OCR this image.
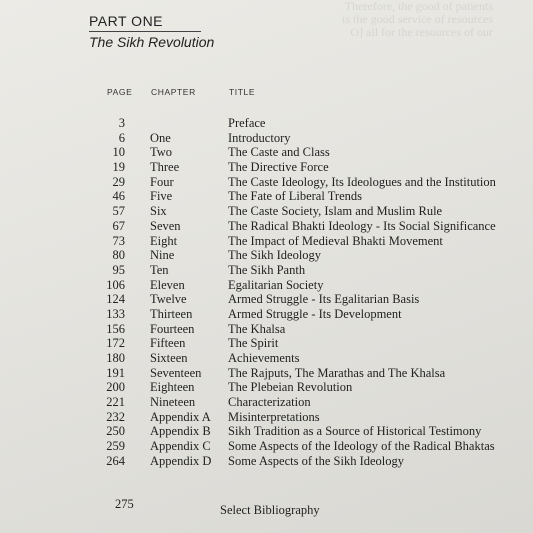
Therefore, the good of patients
is the good service of resources
O] all for the resources of our
PART ONE
The Sikh Revolution
PAGE CHAPTER	TITLE
3	Preface
6 One	Introductory
10 Two	The Caste and Class
19 Three	The Directive Force
29 Four	The Caste Ideology, Its Ideologues and the Institution
46 Five	The Fate of Liberal Trends
57 Six	The Caste Society, Islam and Muslim Rule
67 Seven	The Radical Bhakti Ideology - Its Social Significance
73 Eight	The Impact of Medieval Bhakti Movement
80 Nine	The Sikh Ideology
95 Ten	The Sikh Panth
106 Eleven	Egalitarian Society
124 Twelve	Armed Struggle - Its Egalitarian Basis
133 Thirteen	Armed Struggle - Its Development
156 Fourteen	The Khalsa
172 Fifteen	The Spirit
180 Sixteen	Achievements
191 Seventeen The Rajputs, The Marathas and The Khalsa
200 Eighteen	The Plebeian Revolution
221 Nineteen	Characterization
232 Appendix A Misinterpretations
250 Appendix B Sikh Tradition as a Source of Historical Testimony
259 Appendix C Some Aspects of the Ideology of the Radical Bhaktas
264 Appendix D Some Aspects of the Sikh Ideology
275	Select Bibliography
